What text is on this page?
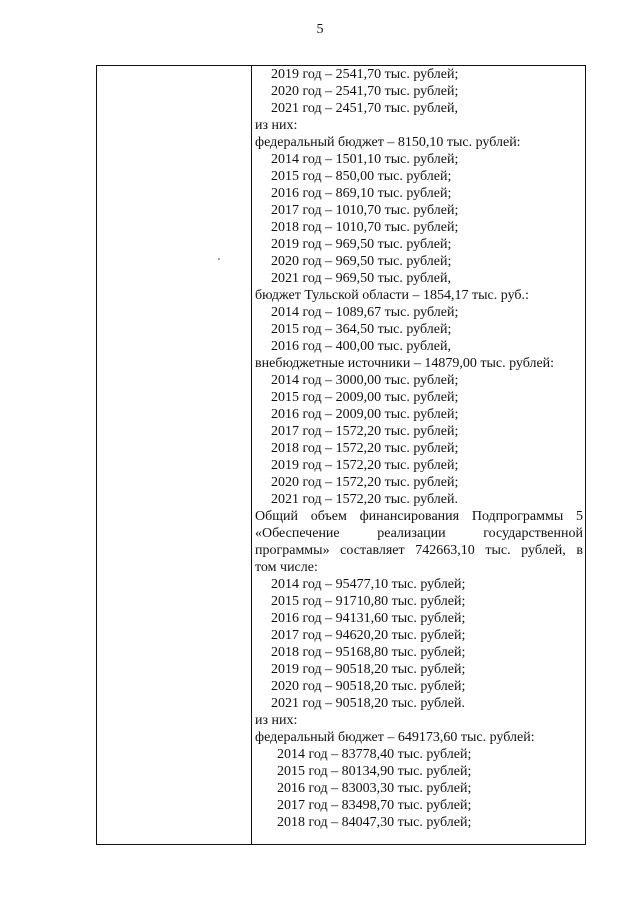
5
2019 год – 2541,70 тыс. рублей;
2020 год – 2541,70 тыс. рублей;
2021 год – 2451,70 тыс. рублей,
из них:
федеральный бюджет – 8150,10 тыс. рублей:
2014 год – 1501,10 тыс. рублей;
2015 год – 850,00 тыс. рублей;
2016 год – 869,10 тыс. рублей;
2017 год – 1010,70 тыс. рублей;
2018 год – 1010,70 тыс. рублей;
2019 год – 969,50 тыс. рублей;
2020 год – 969,50 тыс. рублей;
2021 год – 969,50 тыс. рублей,
бюджет Тульской области – 1854,17 тыс. руб.:
2014 год – 1089,67 тыс. рублей;
2015 год – 364,50 тыс. рублей;
2016 год – 400,00 тыс. рублей,
внебюджетные источники – 14879,00 тыс. рублей:
2014 год – 3000,00 тыс. рублей;
2015 год – 2009,00 тыс. рублей;
2016 год – 2009,00 тыс. рублей;
2017 год – 1572,20 тыс. рублей;
2018 год – 1572,20 тыс. рублей;
2019 год – 1572,20 тыс. рублей;
2020 год – 1572,20 тыс. рублей;
2021 год – 1572,20 тыс. рублей.
Общий объем финансирования Подпрограммы 5
«Обеспечение реализации государственной
программы» составляет 742663,10 тыс. рублей, в
том числе:
2014 год – 95477,10 тыс. рублей;
2015 год – 91710,80 тыс. рублей;
2016 год – 94131,60 тыс. рублей;
2017 год – 94620,20 тыс. рублей;
2018 год – 95168,80 тыс. рублей;
2019 год – 90518,20 тыс. рублей;
2020 год – 90518,20 тыс. рублей;
2021 год – 90518,20 тыс. рублей.
из них:
федеральный бюджет – 649173,60 тыс. рублей:
2014 год – 83778,40 тыс. рублей;
2015 год – 80134,90 тыс. рублей;
2016 год – 83003,30 тыс. рублей;
2017 год – 83498,70 тыс. рублей;
2018 год – 84047,30 тыс. рублей;
